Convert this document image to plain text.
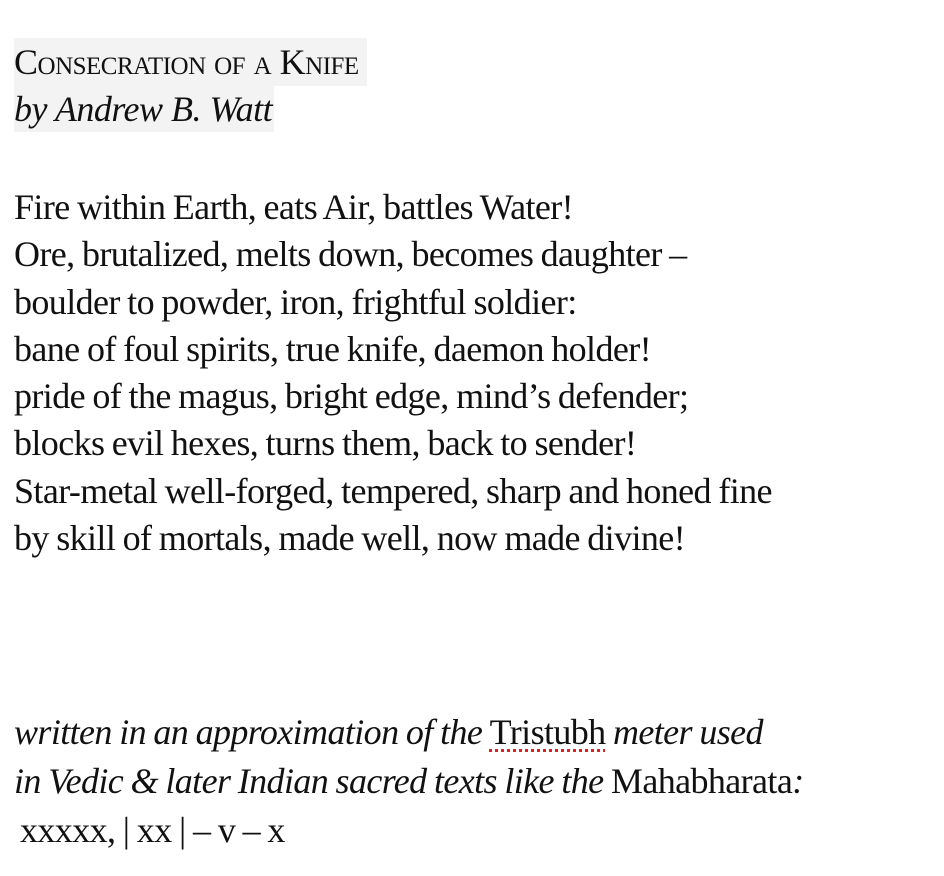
Consecration of a Knife
by Andrew B. Watt
Fire within Earth, eats Air, battles Water!
Ore, brutalized, melts down, becomes daughter –
boulder to powder, iron, frightful soldier:
bane of foul spirits, true knife, daemon holder!
pride of the magus, bright edge, mind’s defender;
blocks evil hexes, turns them, back to sender!
Star-metal well-forged, tempered, sharp and honed fine
by skill of mortals, made well, now made divine!
written in an approximation of the Tristubh meter used
in Vedic & later Indian sacred texts like the Mahabharata:
xxxxx, | xx | – v – x
